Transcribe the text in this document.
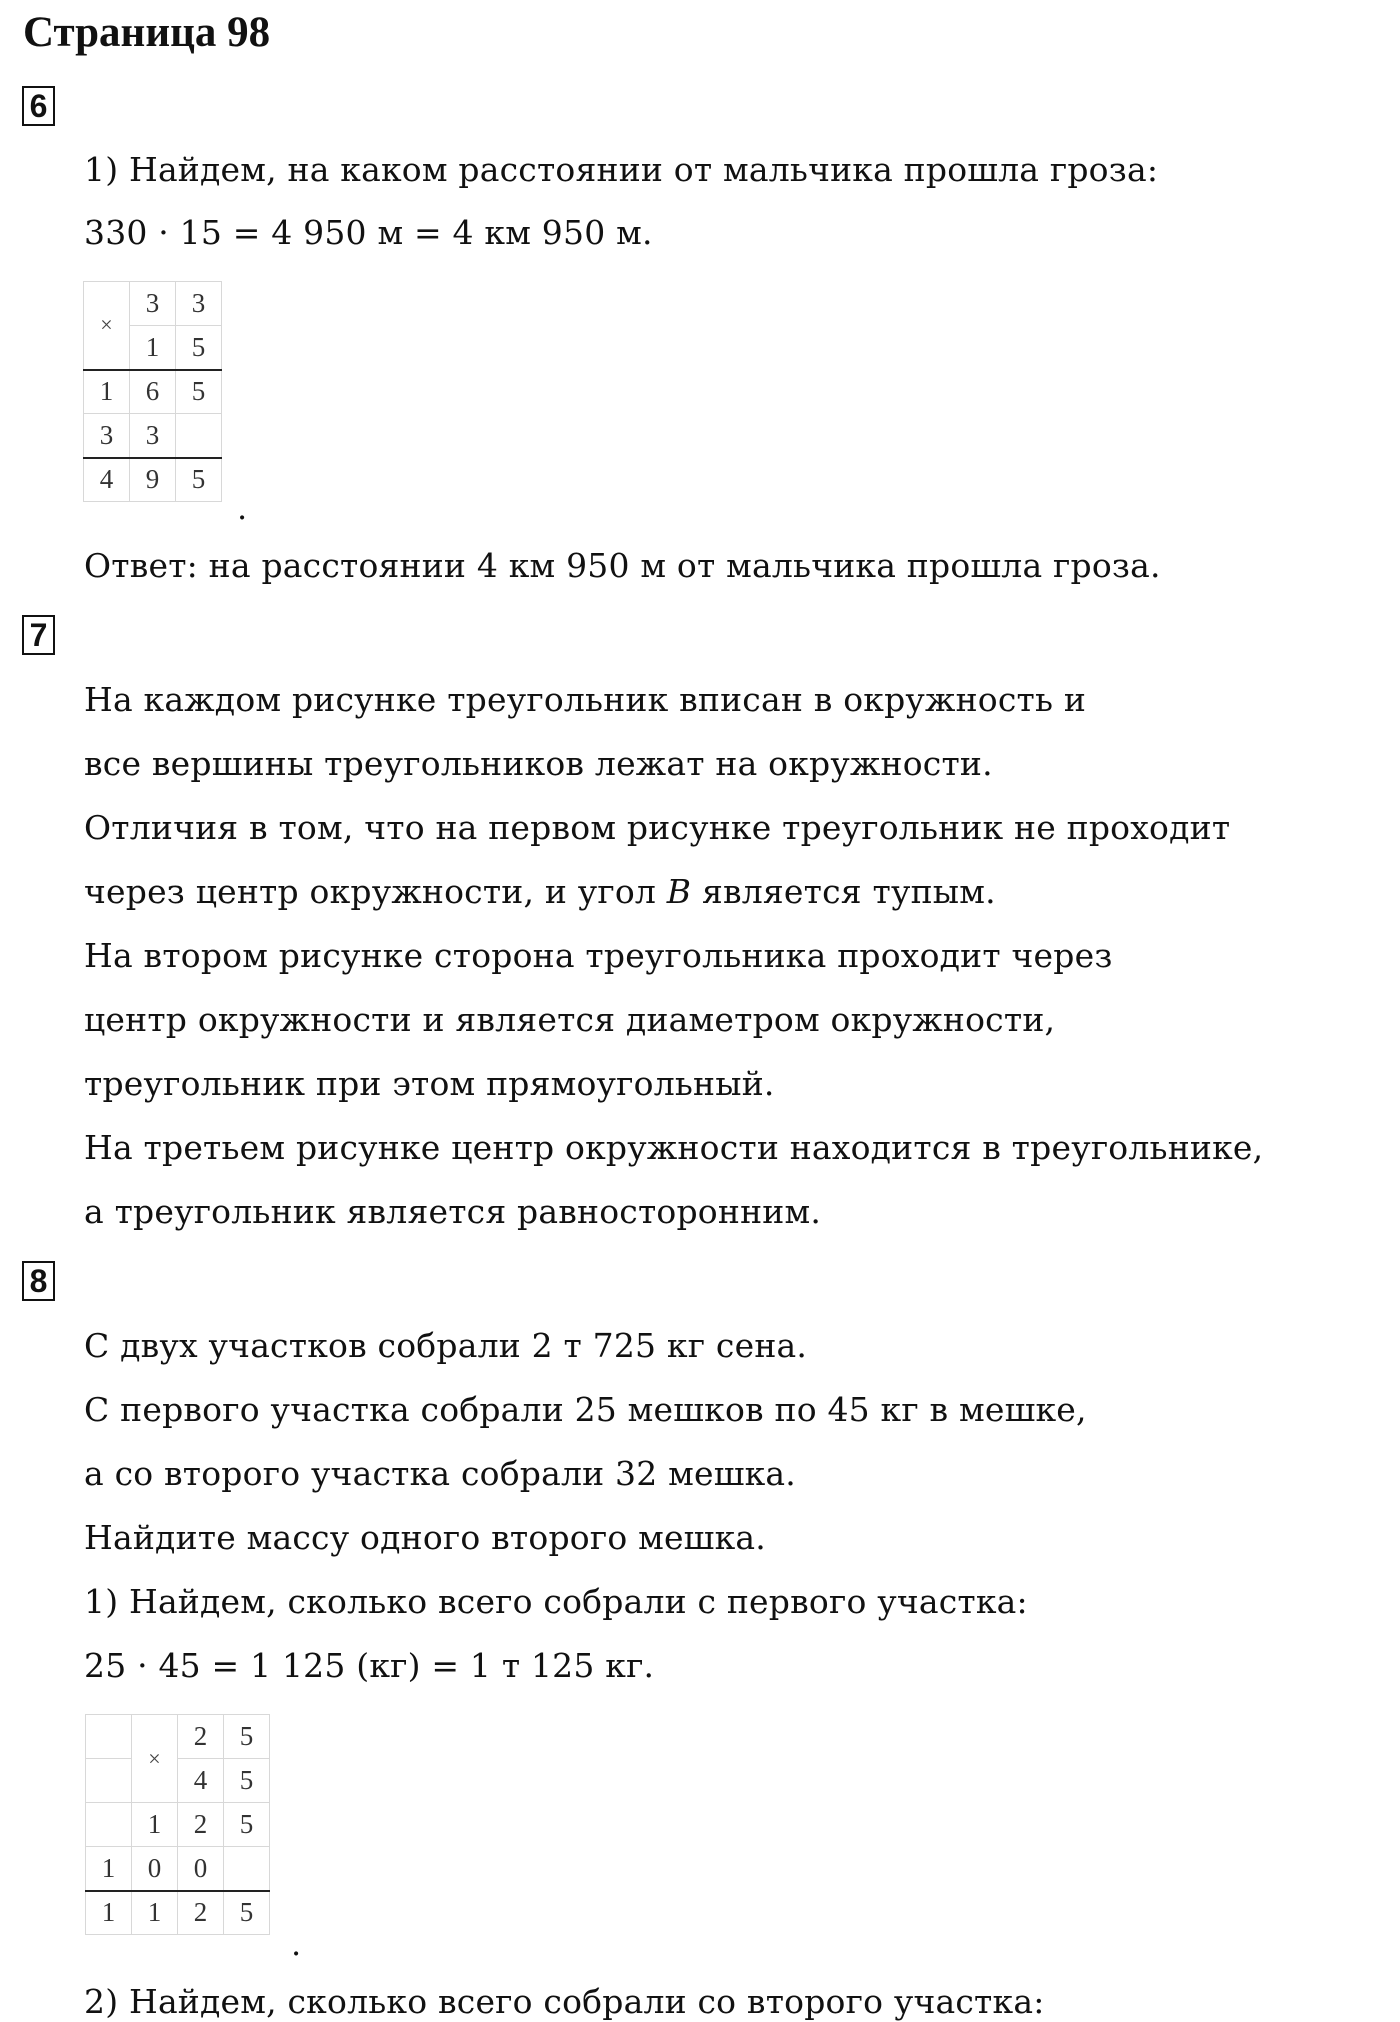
Страница 98
6
1) Найдем, на каком расстоянии от мальчика прошла гроза:
330 · 15 = 4 950 м = 4 км 950 м.
×	3	3
	1	5
1	6	5
3	3	
4	9	5
.
Ответ: на расстоянии 4 км 950 м от мальчика прошла гроза.
7
На каждом рисунке треугольник вписан в окружность и
все вершины треугольников лежат на окружности.
Отличия в том, что на первом рисунке треугольник не проходит
через центр окружности, и угол B является тупым.
На втором рисунке сторона треугольника проходит через
центр окружности и является диаметром окружности,
треугольник при этом прямоугольный.
На третьем рисунке центр окружности находится в треугольнике,
а треугольник является равносторонним.
8
С двух участков собрали 2 т 725 кг сена.
С первого участка собрали 25 мешков по 45 кг в мешке,
а со второго участка собрали 32 мешка.
Найдите массу одного второго мешка.
1) Найдем, сколько всего собрали с первого участка:
25 · 45 = 1 125 (кг) = 1 т 125 кг.
	×	2	5
		4	5
	1	2	5
1	0	0	
1	1	2	5
.
2) Найдем, сколько всего собрали со второго участка:
